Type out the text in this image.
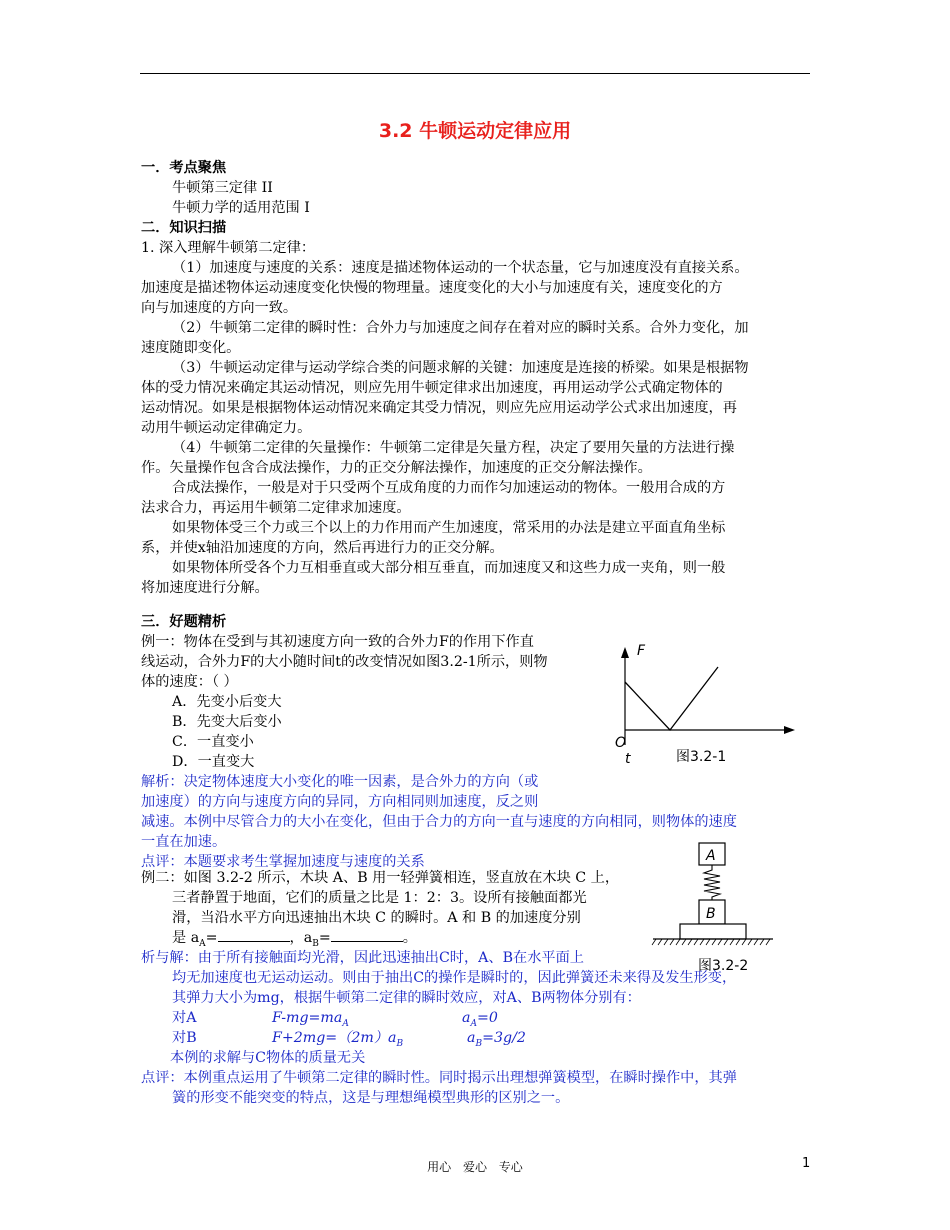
3.2 牛顿运动定律应用
一．考点聚焦
牛顿第三定律 II
牛顿力学的适用范围 I
二．知识扫描
1. 深入理解牛顿第二定律：
（1）加速度与速度的关系：速度是描述物体运动的一个状态量，它与加速度没有直接关系。
加速度是描述物体运动速度变化快慢的物理量。速度变化的大小与加速度有关，速度变化的方
向与加速度的方向一致。
（2）牛顿第二定律的瞬时性：合外力与加速度之间存在着对应的瞬时关系。合外力变化，加
速度随即变化。
（3）牛顿运动定律与运动学综合类的问题求解的关键：加速度是连接的桥梁。如果是根据物
体的受力情况来确定其运动情况，则应先用牛顿定律求出加速度，再用运动学公式确定物体的
运动情况。如果是根据物体运动情况来确定其受力情况，则应先应用运动学公式求出加速度，再
动用牛顿运动定律确定力。
（4）牛顿第二定律的矢量操作：牛顿第二定律是矢量方程，决定了要用矢量的方法进行操
作。矢量操作包含合成法操作，力的正交分解法操作，加速度的正交分解法操作。
合成法操作，一般是对于只受两个互成角度的力而作匀加速运动的物体。一般用合成的方
法求合力，再运用牛顿第二定律求加速度。
如果物体受三个力或三个以上的力作用而产生加速度，常采用的办法是建立平面直角坐标
系，并使x轴沿加速度的方向，然后再进行力的正交分解。
如果物体所受各个力互相垂直或大部分相互垂直，而加速度又和这些力成一夹角，则一般
将加速度进行分解。
三．好题精析
例一：物体在受到与其初速度方向一致的合外力F的作用下作直
线运动，合外力F的大小随时间t的改变情况如图3.2-1所示，则物
体的速度：（ ）
A．先变小后变大
B．先变大后变小
C．一直变小
D．一直变大
解析：决定物体速度大小变化的唯一因素，是合外力的方向（或
加速度）的方向与速度方向的异同，方向相同则加速度，反之则
减速。本例中尽管合力的大小在变化，但由于合力的方向一直与速度的方向相同，则物体的速度
一直在加速。
点评：本题要求考生掌握加速度与速度的关系
F
O
t	图3.2-1
例二：如图 3.2-2 所示，木块 A、B 用一轻弹簧相连，竖直放在木块 C 上，
三者静置于地面，它们的质量之比是 1：2：3。设所有接触面都光
滑，当沿水平方向迅速抽出木块 C 的瞬时。A 和 B 的加速度分别
是 $a_A=$	，$a_B=$	。
析与解：由于所有接触面均光滑，因此迅速抽出C时，A、B在水平面上
均无加速度也无运动运动。则由于抽出C的操作是瞬时的，因此弹簧还未来得及发生形变，
其弹力大小为mg，根据牛顿第二定律的瞬时效应，对A、B两物体分别有：
对A	$F-mg=ma_A$	$a_A=0$
对B	$F+2mg=(2m)a_B$	$a_B=3g/2$
本例的求解与C物体的质量无关
点评：本例重点运用了牛顿第二定律的瞬时性。同时揭示出理想弹簧模型，在瞬时操作中，其弹
簧的形变不能突变的特点，这是与理想绳模型典形的区别之一。
A
B
图3.2-2
用心 爱心 专心	1
